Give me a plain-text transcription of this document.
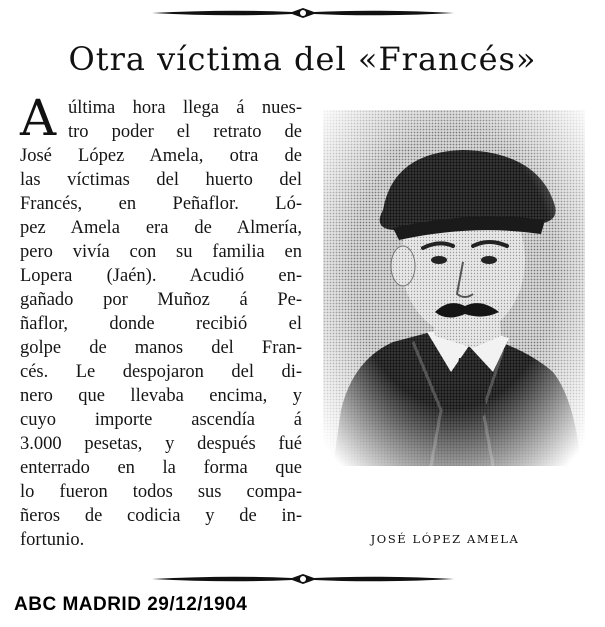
Otra víctima del «Francés»
A última hora llega á nues-
tro poder el retrato de
José López Amela, otra de
las víctimas del huerto del
Francés, en Peñaflor. Ló-
pez Amela era de Almería,
pero vivía con su familia en
Lopera (Jaén). Acudió en-
gañado por Muñoz á Pe-
ñaflor, donde recibió el
golpe de manos del Fran-
cés. Le despojaron del di-
nero que llevaba encima, y
cuyo importe ascendía á
3.000 pesetas, y después fué
enterrado en la forma que
lo fueron todos sus compa-
ñeros de codicia y de in-
fortunio.	JOSÉ LÓPEZ AMELA
ABC MADRID 29/12/1904
